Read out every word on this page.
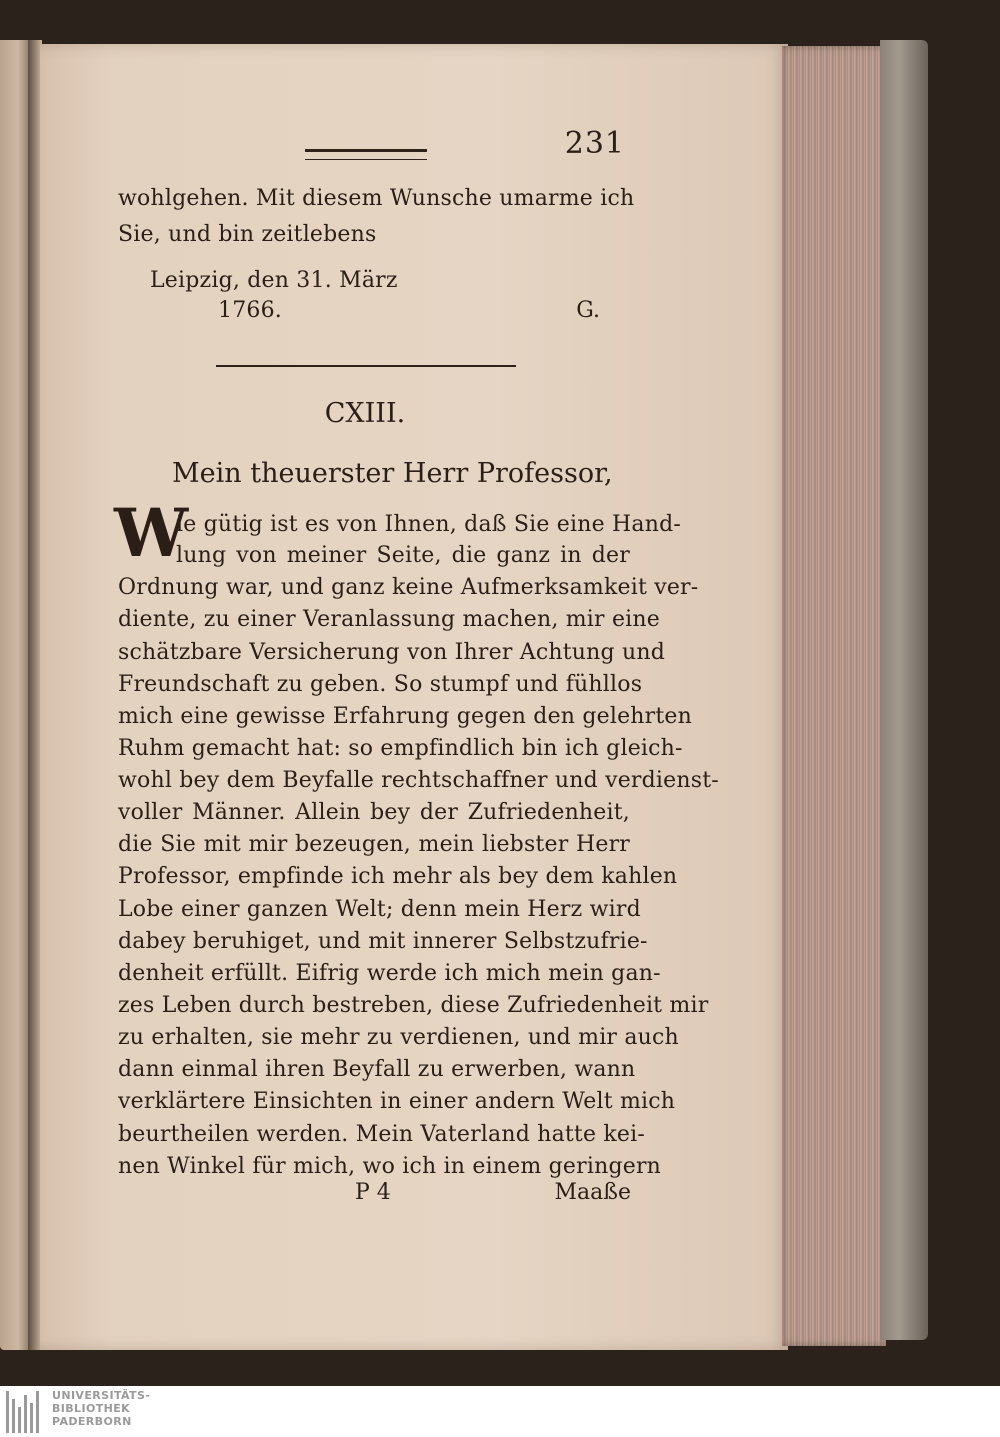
231
wohlgehen. Mit diesem Wunsche umarme ich
Sie, und bin zeitlebens
Leipzig, den 31. März
1766.	G.
CXIII.
Mein theuerster Herr Professor,
W
ie gütig ist es von Ihnen, daß Sie eine Hand-
lung von meiner Seite, die ganz in der
Ordnung war, und ganz keine Aufmerksamkeit ver-
diente, zu einer Veranlassung machen, mir eine
schätzbare Versicherung von Ihrer Achtung und
Freundschaft zu geben. So stumpf und fühllos
mich eine gewisse Erfahrung gegen den gelehrten
Ruhm gemacht hat: so empfindlich bin ich gleich-
wohl bey dem Beyfalle rechtschaffner und verdienst-
voller Männer. Allein bey der Zufriedenheit,
die Sie mit mir bezeugen, mein liebster Herr
Professor, empfinde ich mehr als bey dem kahlen
Lobe einer ganzen Welt; denn mein Herz wird
dabey beruhiget, und mit innerer Selbstzufrie-
denheit erfüllt. Eifrig werde ich mich mein gan-
zes Leben durch bestreben, diese Zufriedenheit mir
zu erhalten, sie mehr zu verdienen, und mir auch
dann einmal ihren Beyfall zu erwerben, wann
verklärtere Einsichten in einer andern Welt mich
beurtheilen werden. Mein Vaterland hatte kei-
nen Winkel für mich, wo ich in einem geringern
P 4	Maaße
UNIVERSITÄTS-
BIBLIOTHEK
PADERBORN
